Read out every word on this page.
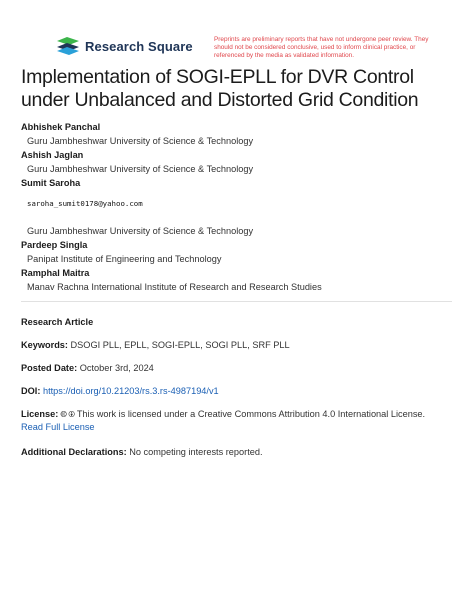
Research Square	Preprints are preliminary reports that have not undergone peer review. They should not be considered conclusive, used to inform clinical practice, or referenced by the media as validated information.
Implementation of SOGI-EPLL for DVR Control under Unbalanced and Distorted Grid Condition
Abhishek Panchal
Guru Jambheshwar University of Science & Technology
Ashish Jaglan
Guru Jambheshwar University of Science & Technology
Sumit Saroha
saroha_sumit0178@yahoo.com
Guru Jambheshwar University of Science & Technology
Pardeep Singla
Panipat Institute of Engineering and Technology
Ramphal Maitra
Manav Rachna International Institute of Research and Research Studies
Research Article
Keywords: DSOGI PLL, EPLL, SOGI-EPLL, SOGI PLL, SRF PLL
Posted Date: October 3rd, 2024
DOI: https://doi.org/10.21203/rs.3.rs-4987194/v1
License: 🅭 🅯 This work is licensed under a Creative Commons Attribution 4.0 International License.
Read Full License
Additional Declarations: No competing interests reported.
